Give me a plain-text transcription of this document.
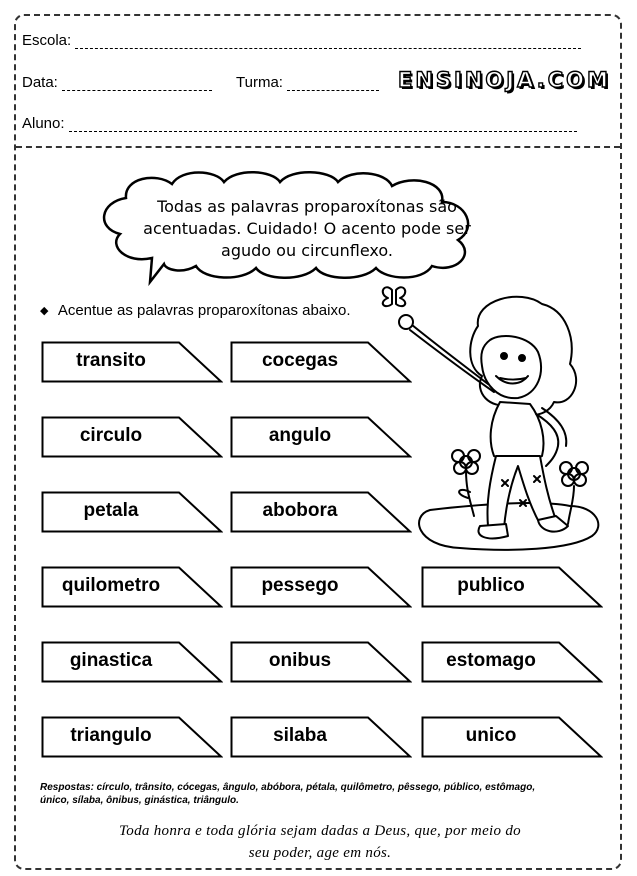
Escola:
Data:	Turma:	ENSINOJA.COM
Aluno:
Todas as palavras proparoxítonas são
acentuadas. Cuidado! O acento pode ser
agudo ou circunflexo.
◆ Acentue as palavras proparoxítonas abaixo.
transito	cocegas
circulo	angulo
petala	abobora
quilometro	pessego	publico
ginastica	onibus	estomago
triangulo	silaba	unico
Respostas: círculo, trânsito, cócegas, ângulo, abóbora, pétala, quilômetro, pêssego, público, estômago,
único, sílaba, ônibus, ginástica, triângulo.
Toda honra e toda glória sejam dadas a Deus, que, por meio do
seu poder, age em nós.
